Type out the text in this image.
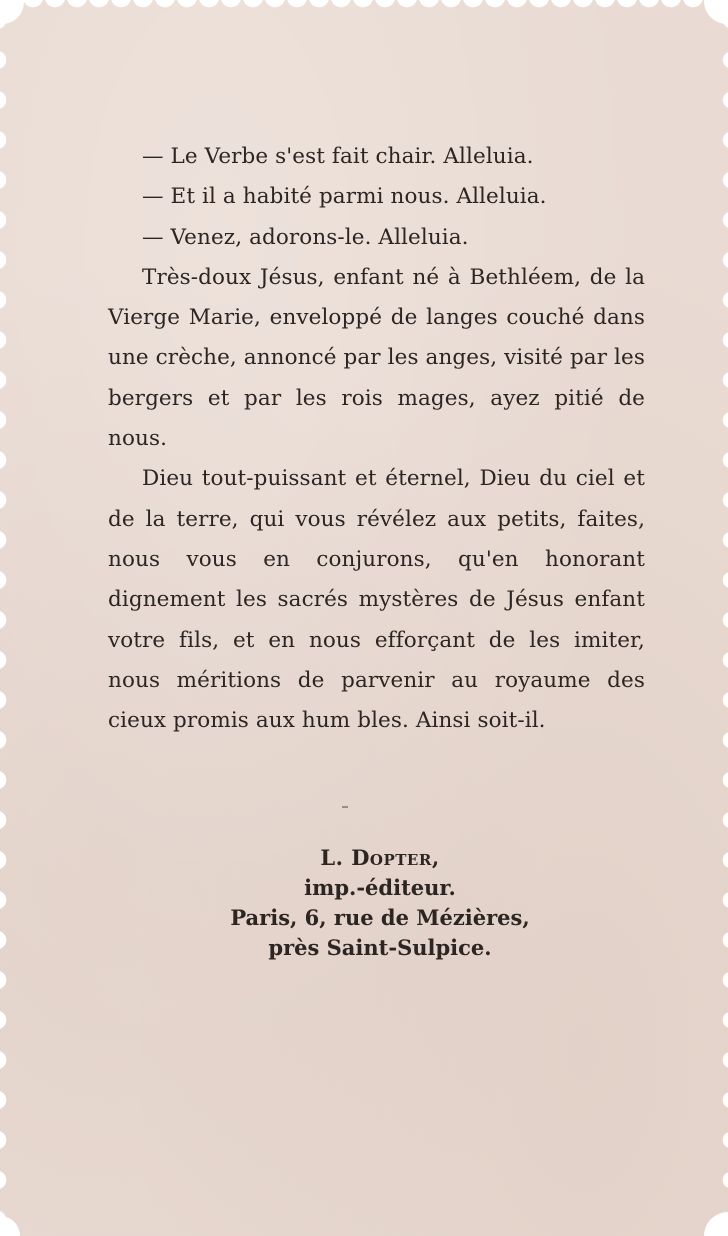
— Le Verbe s'est fait chair. Alleluia.
— Et il a habité parmi nous. Alleluia.
— Venez, adorons-le. Alleluia.
Très-doux Jésus, enfant né à Bethléem, de la Vierge Marie, enveloppé de langes couché dans une crèche, annoncé par les anges, visité par les bergers et par les rois mages, ayez pitié de nous.
Dieu tout-puissant et éternel, Dieu du ciel et de la terre, qui vous révélez aux petits, faites, nous vous en conjurons, qu'en honorant dignement les sacrés mystères de Jésus enfant votre fils, et en nous efforçant de les imiter, nous méritions de parvenir au royaume des cieux promis aux hum bles. Ainsi soit-il.
L. Dopter,
imp.-éditeur.
Paris, 6, rue de Mézières,
près Saint-Sulpice.
